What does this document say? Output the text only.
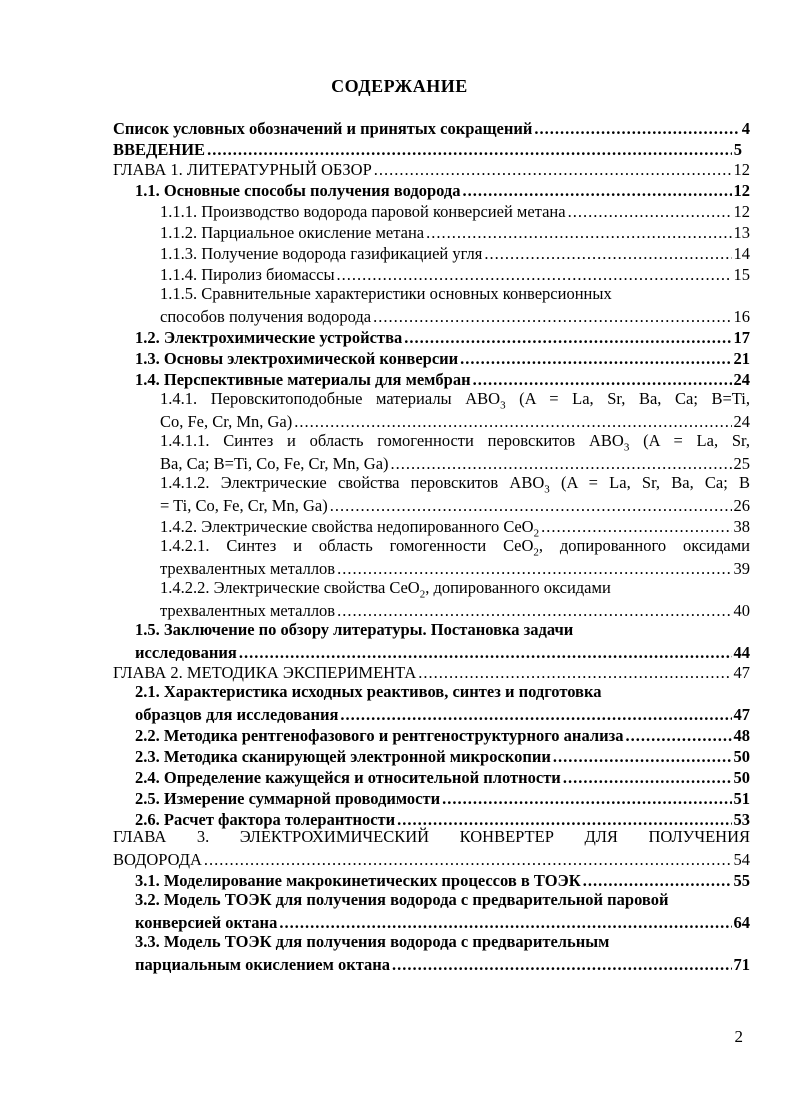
СОДЕРЖАНИЕ
Список условных обозначений и принятых сокращений .....	4
ВВЕДЕНИЕ .....	5
ГЛАВА 1. ЛИТЕРАТУРНЫЙ ОБЗОР .....	12
1.1. Основные способы получения водорода .....	12
1.1.1. Производство водорода паровой конверсией метана .....	12
1.1.2. Парциальное окисление метана .....	13
1.1.3. Получение водорода газификацией угля .....	14
1.1.4. Пиролиз биомассы .....	15
1.1.5. Сравнительные характеристики основных конверсионных
способов получения водорода .....	16
1.2. Электрохимические устройства .....	17
1.3. Основы электрохимической конверсии .....	21
1.4. Перспективные материалы для мембран .....	24
1.4.1. Перовскитоподобные материалы $ABO_3$ (A = La, Sr, Ba, Ca; B=Ti,
Co, Fe, Cr, Mn, Ga) .....	24
1.4.1.1. Синтез и область гомогенности перовскитов $ABO_3$ (A = La, Sr,
Ba, Ca; B=Ti, Co, Fe, Cr, Mn, Ga) .....	25
1.4.1.2. Электрические свойства перовскитов $ABO_3$ (A = La, Sr, Ba, Ca; B
= Ti, Co, Fe, Cr, Mn, Ga) .....	26
1.4.2. Электрические свойства недопированного CeO$_2$ .....	38
1.4.2.1. Синтез и область гомогенности CeO$_2$, допированного оксидами
трехвалентных металлов .....	39
1.4.2.2. Электрические свойства CeO$_2$, допированного оксидами
трехвалентных металлов .....	40
1.5. Заключение по обзору литературы. Постановка задачи
исследования .....	44
ГЛАВА 2. МЕТОДИКА ЭКСПЕРИМЕНТА .....	47
2.1. Характеристика исходных реактивов, синтез и подготовка
образцов для исследования .....	47
2.2. Методика рентгенофазового и рентгеноструктурного анализа .....	48
2.3. Методика сканирующей электронной микроскопии .....	50
2.4. Определение кажущейся и относительной плотности .....	50
2.5. Измерение суммарной проводимости .....	51
2.6. Расчет фактора толерантности .....	53
ГЛАВА 3. ЭЛЕКТРОХИМИЧЕСКИЙ КОНВЕРТЕР ДЛЯ ПОЛУЧЕНИЯ
ВОДОРОДА .....	54
3.1. Моделирование макрокинетических процессов в ТОЭК .....	55
3.2. Модель ТОЭК для получения водорода с предварительной паровой
конверсией октана .....	64
3.3. Модель ТОЭК для получения водорода с предварительным
парциальным окислением октана .....	71
2
